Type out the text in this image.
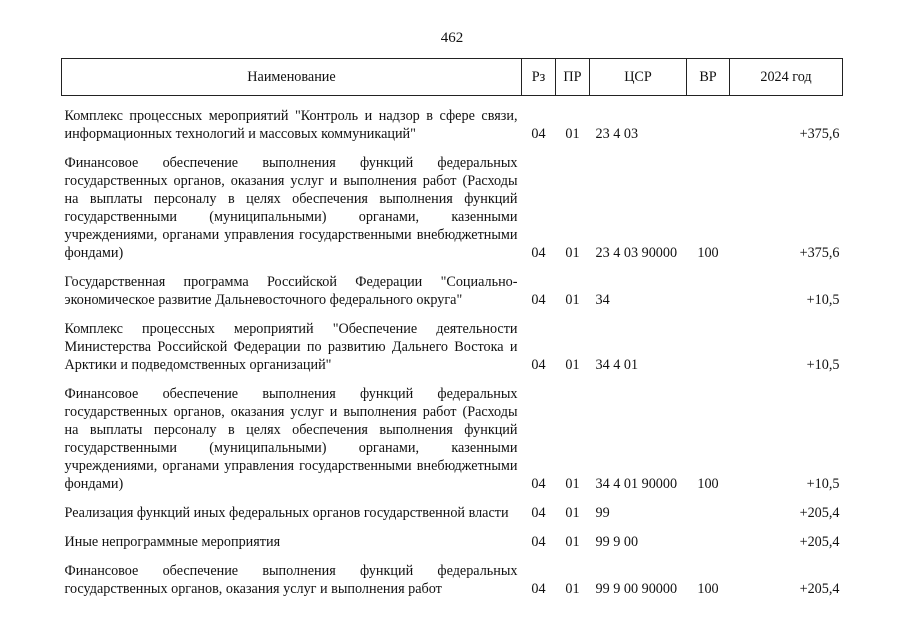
462
Наименование	Рз	ПР	ЦСР	ВР	2024 год

Комплекс процессных мероприятий "Контроль и надзор в сфере связи, информационных технологий и массовых коммуникаций"	04	01	23 4 03		+375,6

Финансовое обеспечение выполнения функций федеральных государственных органов, оказания услуг и выполнения работ (Расходы на выплаты персоналу в целях обеспечения выполнения функций государственными (муниципальными) органами, казенными учреждениями, органами управления государственными внебюджетными фондами)	04	01	23 4 03 90000	100	+375,6

Государственная программа Российской Федерации "Социально-экономическое развитие Дальневосточного федерального округа"	04	01	34		+10,5

Комплекс процессных мероприятий "Обеспечение деятельности Министерства Российской Федерации по развитию Дальнего Востока и Арктики и подведомственных организаций"	04	01	34 4 01		+10,5

Финансовое обеспечение выполнения функций федеральных государственных органов, оказания услуг и выполнения работ (Расходы на выплаты персоналу в целях обеспечения выполнения функций государственными (муниципальными) органами, казенными учреждениями, органами управления государственными внебюджетными фондами)	04	01	34 4 01 90000	100	+10,5

Реализация функций иных федеральных органов государственной власти	04	01	99		+205,4

Иные непрограммные мероприятия	04	01	99 9 00		+205,4

Финансовое обеспечение выполнения функций федеральных государственных органов, оказания услуг и выполнения работ	04	01	99 9 00 90000	100	+205,4
